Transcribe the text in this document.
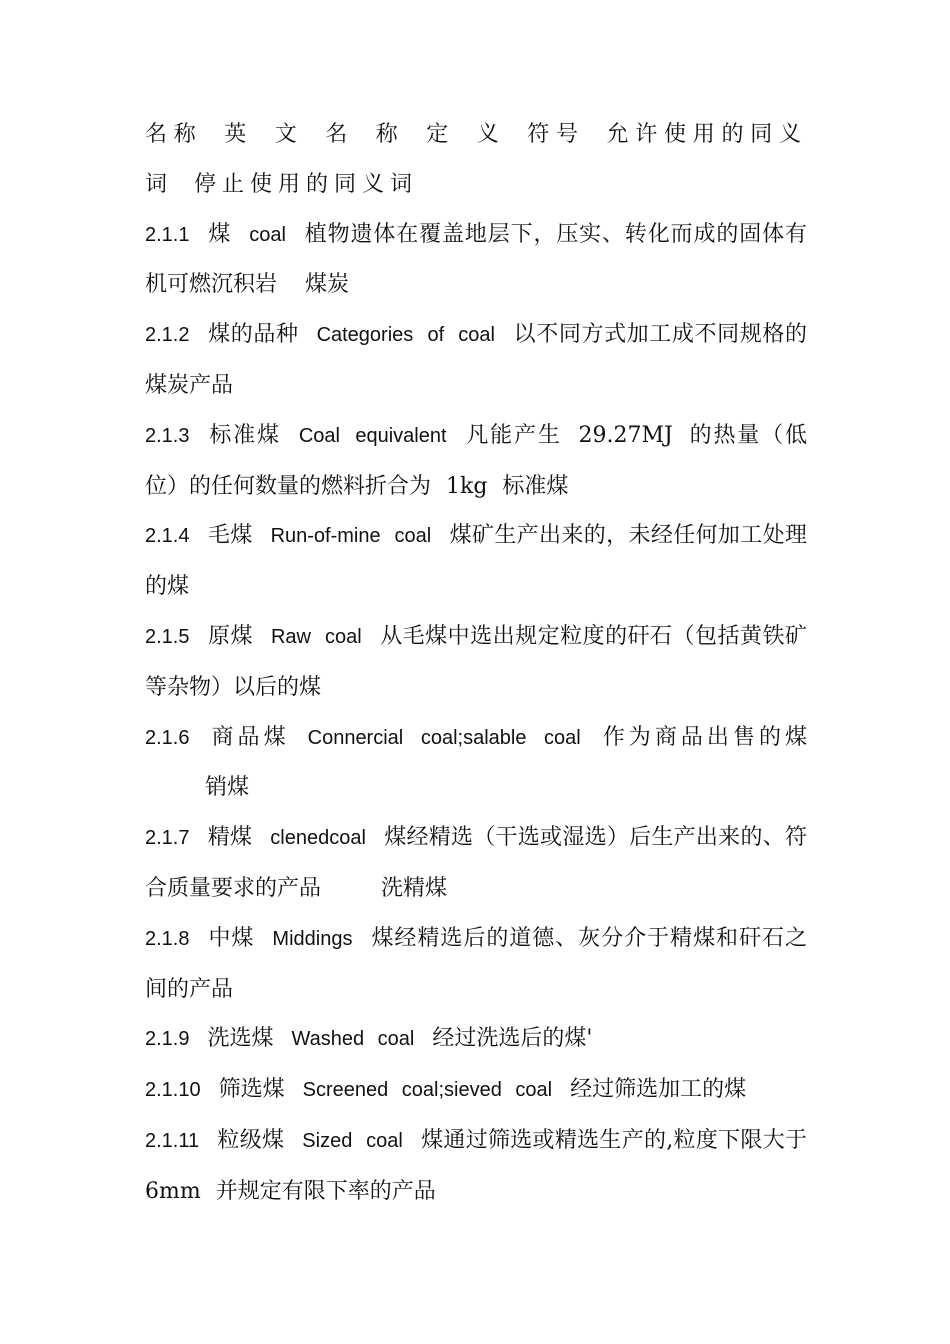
名称 英 文 名 称 定 义 符号 允许使用的同义词 停止使用的同义词

2.1.1 煤 coal 植物遗体在覆盖地层下，压实、转化而成的固体有机可燃沉积岩 煤炭

2.1.2 煤的品种 Categories of coal 以不同方式加工成不同规格的煤炭产品

2.1.3 标准煤 Coal equivalent 凡能产生 29.27MJ 的热量（低位）的任何数量的燃料折合为 1kg 标准煤

2.1.4 毛煤 Run-of-mine coal 煤矿生产出来的，未经任何加工处理的煤

2.1.5 原煤 Raw coal 从毛煤中选出规定粒度的矸石（包括黄铁矿等杂物）以后的煤

2.1.6 商品煤 Connercial coal;salable coal 作为商品出售的煤销煤

2.1.7 精煤 clenedcoal 煤经精选（干选或湿选）后生产出来的、符合质量要求的产品	洗精煤

2.1.8 中煤 Middings 煤经精选后的道德、灰分介于精煤和矸石之间的产品

2.1.9 洗选煤 Washed coal 经过洗选后的煤'

2.1.10 筛选煤 Screened coal;sieved coal 经过筛选加工的煤

2.1.11 粒级煤 Sized coal 煤通过筛选或精选生产的,粒度下限大于 6mm 并规定有限下率的产品
